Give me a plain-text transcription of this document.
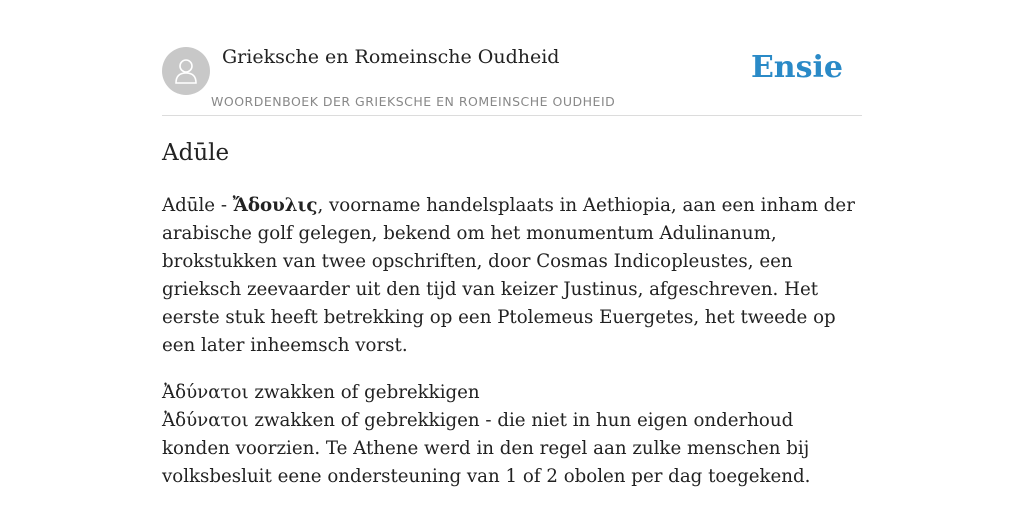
Grieksche en Romeinsche Oudheid
WOORDENBOEK DER GRIEKSCHE EN ROMEINSCHE OUDHEID
Ensie
Adūle

Adūle - Ἄδουλις, voorname handelsplaats in Aethiopia, aan een inham der arabische golf gelegen, bekend om het monumentum Adulinanum, brokstukken van twee opschriften, door Cosmas Indicopleustes, een grieksch zeevaarder uit den tijd van keizer Justinus, afgeschreven. Het eerste stuk heeft betrekking op een Ptolemeus Euergetes, het tweede op een later inheemsch vorst.

Ἀδύνατοι zwakken of gebrekkigen
Ἀδύνατοι zwakken of gebrekkigen - die niet in hun eigen onderhoud konden voorzien. Te Athene werd in den regel aan zulke menschen bij volksbesluit eene ondersteuning van 1 of 2 obolen per dag toegekend.
